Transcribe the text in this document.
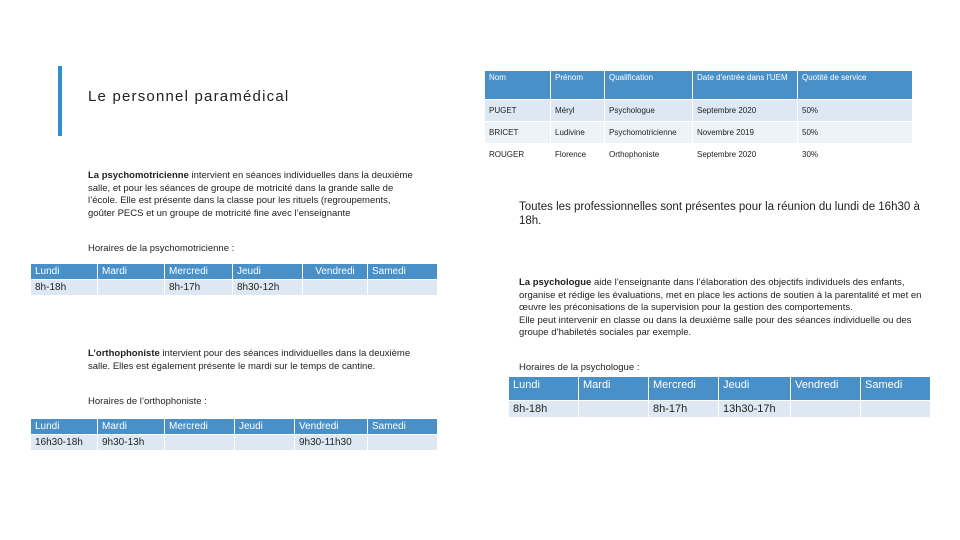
Le personnel paramédical
La psychomotricienne intervient en séances individuelles dans la deuxième salle, et pour les séances de groupe de motricité dans la grande salle de l’école. Elle est présente dans la classe pour les rituels (regroupements, goûter PECS et un groupe de motricité fine avec l’enseignante
Horaires de la psychomotricienne :
Lundi	Mardi	Mercredi	Jeudi	Vendredi	Samedi
8h-18h		8h-17h	8h30-12h		
L’orthophoniste intervient pour des séances individuelles dans la deuxième salle. Elles est également présente le mardi sur le temps de cantine.
Horaires de l’orthophoniste :
Lundi	Mardi	Mercredi	Jeudi	Vendredi	Samedi
16h30-18h	9h30-13h			9h30-11h30	
Nom	Prénom	Qualification	Date d'entrée dans l'UEM	Quotité de service
PUGET	Méryl	Psychologue	Septembre 2020	50%
BRICET	Ludivine	Psychomotricienne	Novembre 2019	50%
ROUGER	Florence	Orthophoniste	Septembre 2020	30%
Toutes les professionnelles sont présentes pour la réunion du lundi de 16h30 à 18h.
La psychologue aide l’enseignante dans l’élaboration des objectifs individuels des enfants, organise et rédige les évaluations, met en place les actions de soutien à la parentalité et met en œuvre les préconisations de la supervision pour la gestion des comportements.
Elle peut intervenir en classe ou dans la deuxième salle pour des séances individuelle ou des groupe d’habiletés sociales par exemple.
Horaires de la psychologue :
Lundi	Mardi	Mercredi	Jeudi	Vendredi	Samedi
8h-18h		8h-17h	13h30-17h		
